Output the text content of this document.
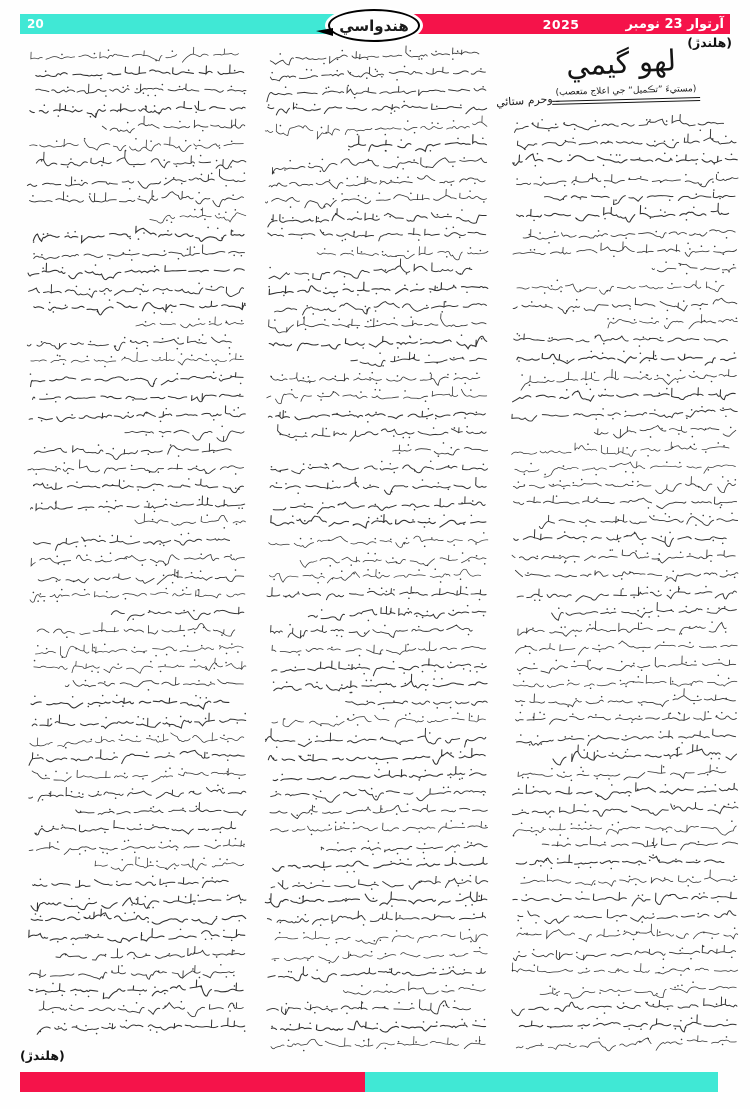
20	آرتوار 23 نومبر
2025
هندواسي
(هلندڙ)
لهو گيمي
(مستيءَ ”تڪميل“ جي اعلاج متعصب)
ـ وحرم ستائي
(هلندڙ)
